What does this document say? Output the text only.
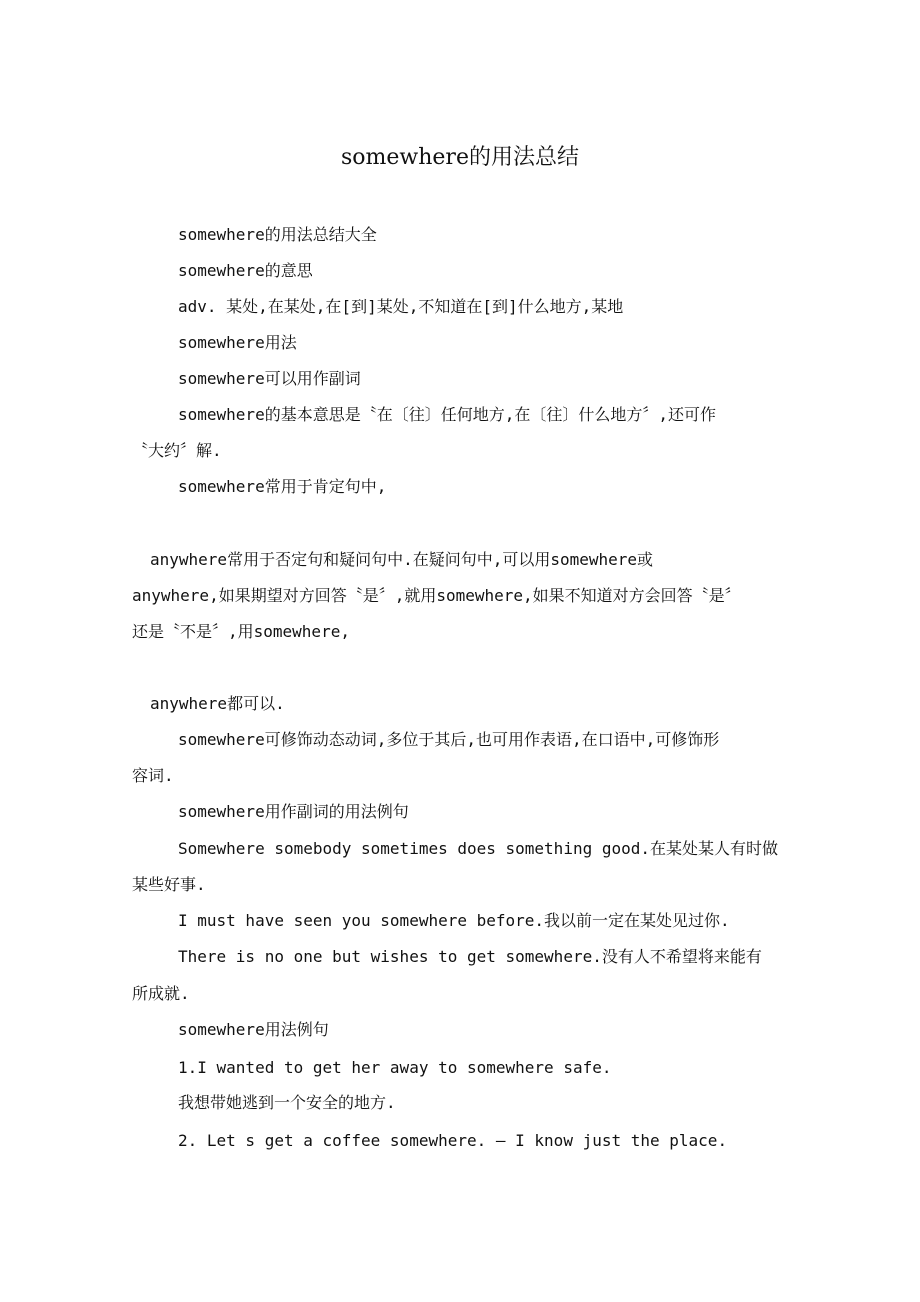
somewhere的用法总结
somewhere的用法总结大全
somewhere的意思
adv. 某处,在某处,在[到]某处,不知道在[到]什么地方,某地
somewhere用法
somewhere可以用作副词
somewhere的基本意思是〝在〔往〕任何地方,在〔往〕什么地方〞,还可作
〝大约〞解.
somewhere常用于肯定句中,
anywhere常用于否定句和疑问句中.在疑问句中,可以用somewhere或
anywhere,如果期望对方回答〝是〞,就用somewhere,如果不知道对方会回答〝是〞
还是〝不是〞,用somewhere,
anywhere都可以.
somewhere可修饰动态动词,多位于其后,也可用作表语,在口语中,可修饰形
容词.
somewhere用作副词的用法例句
Somewhere somebody sometimes does something good.在某处某人有时做
某些好事.
I must have seen you somewhere before.我以前一定在某处见过你.
There is no one but wishes to get somewhere.没有人不希望将来能有
所成就.
somewhere用法例句
1.I wanted to get her away to somewhere safe.
我想带她逃到一个安全的地方.
2. Let s get a coffee somewhere. — I know just the place.
